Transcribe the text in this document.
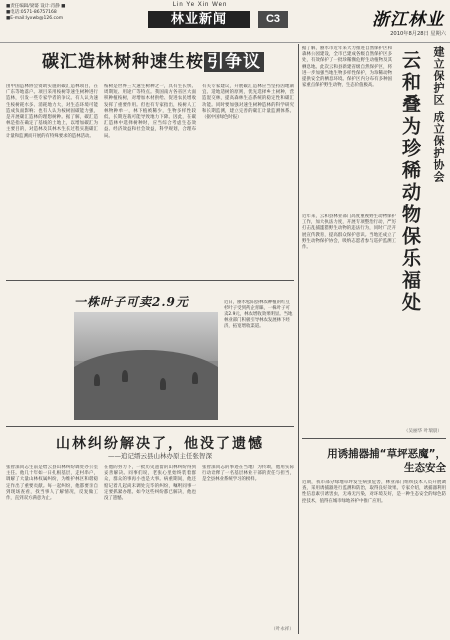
■责任编辑/梁婆 设计:肖静 ■
■电话:0571-86757168
■E-mail:lyxwb@126.com
Lin Ye Xin Wen
林业新闻	C3	浙江林业
2010年8月28日 星期六
碳汇造林树种速生桉 引争议
由中国造林协会资助实施的碳汇造林项目，在广东等地落户。项目采用桉树等速生树种进行造林，引发一些专家学者的争议。有人认为速生桉树耗水多、消耗地力大，对生态环境可能造成负面影响；也有人认为桉树固碳能力强，是开展碳汇造林的理想树种。据了解，碳汇造林是指在确定了基线的土地上，以增加碳汇为主要目的，对造林及其林木生长过程实施碳汇计量和监测而开展的有特殊要求的造林活动。
桉树是世界三大速生树种之一，具有生长快、周期短、用途广等特点。我国南方各省区大面积种植桉树，对增加木材供给、促进农民增收发挥了重要作用。但也有专家指出，桉树人工林物种单一，林下植被稀少，生物多样性较低，长期连栽可能导致地力下降。因此，在碳汇造林中选择树种时，应当综合考虑生态效益、经济效益和社会效益，科学规划，合理布局。
有关专家建议，开展碳汇造林应当坚持因地制宜、适地适树的原则，优先选择乡土树种，营造混交林，提高森林生态系统的稳定性和碳汇功能。同时要加强对速生树种造林的科学研究和长期监测，建立完善的碳汇计量监测体系。（据中国绿色时报）
一株叶子可卖2.9元	近日，丽水松阳县林农种植的红豆杉叶子受到药企青睐，一株叶子可卖2.9元，林农增收效果明显。当地林业部门积极引导林农发展林下经济，拓宽增收渠道。
山林纠纷解决了，他没了遗憾
——追记缙云县山林办原主任张智深
张智深同志生前是缙云县山林纠纷调处办公室主任。他几十年如一日扎根基层，走村串户，调解了大量山林权属纠纷，为维护林区和谐稳定作出了重要贡献。每一起纠纷，他都要亲自到现场查看，找当事人了解情况，反复做工作，直到双方满意为止。
在他的努力下，一批历史遗留的山林纠纷得到妥善解决。同事们说，老张心里始终装着群众，群众的事再小也是大事。病重期间，他还惦记着几起尚未调处完毕的纠纷，嘱咐同事一定要抓紧办理。如今这些纠纷都已解决，他也没了遗憾。
张智深同志的事迹在当地广为传颂，他用实际行动诠释了一名基层林业干部的责任与担当，是全县林业系统学习的榜样。
（叶永祥）
据了解，丽水市近年来大力推进自然保护区和森林公园建设，全市已建成各级自然保护区多处，有效保护了一批珍稀濒危野生动植物及其栖息地。此次云和县新建省级自然保护区，将进一步加强当地生物多样性保护，为珍稀动物提供安全的栖息环境。保护区内分布有多种国家重点保护野生动物，生态价值极高。	建立保护区 成立保护协会
云和叠为珍稀动物保乐福处
近年来，云和县林业部门高度重视野生动物保护工作，加大执法力度，开展专项整治行动，严厉打击乱捕滥猎野生动物的违法行为，同时广泛开展宣传教育，提高群众保护意识。当地还成立了野生动物保护协会，吸纳志愿者参与巡护监测工作。
（吴丽华 叶瑞晨）
用诱捕器捕“草坪恶魔”，
生态安全
近期，我市部分绿地草坪发生病虫危害，林业部门组织技术人员开展调查，采用诱捕器进行监测和防治，取得良好效果。专家介绍，诱捕器利用性信息素引诱害虫，无毒无污染，对环境友好，是一种生态安全的绿色防控技术，值得在城市绿地养护中推广应用。
